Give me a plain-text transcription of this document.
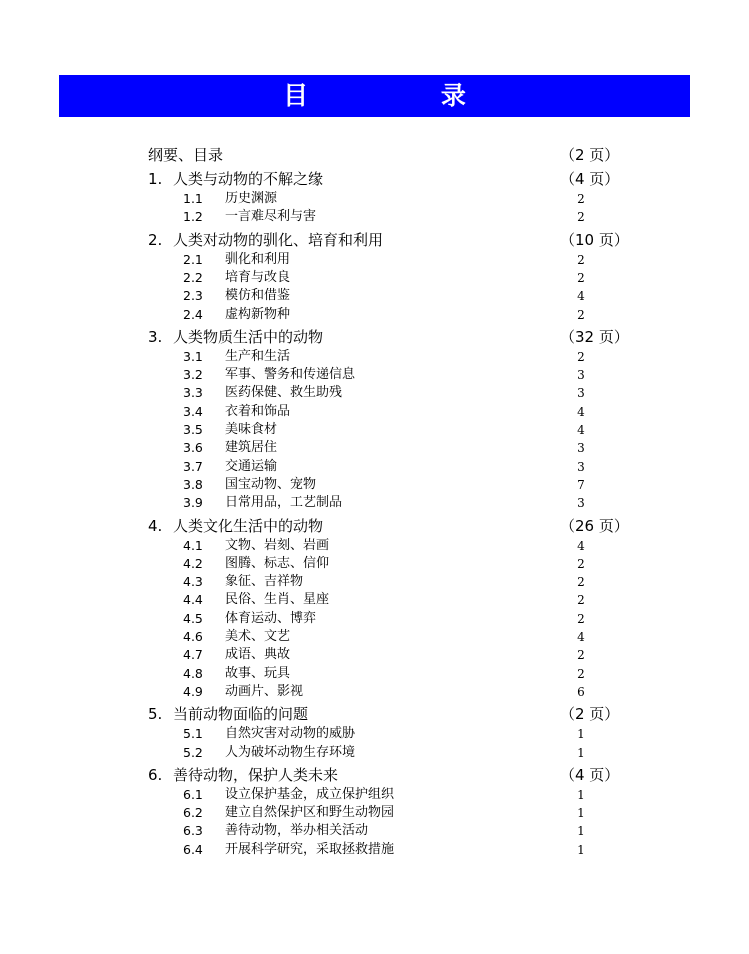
目 录
纲要、目录	（2 页）
1. 人类与动物的不解之缘	（4 页）
1.1 历史渊源	2
1.2 一言难尽利与害	2
2. 人类对动物的驯化、培育和利用	（10 页）
2.1 驯化和利用	2
2.2 培育与改良	2
2.3 模仿和借鉴	4
2.4 虚构新物种	2
3. 人类物质生活中的动物	（32 页）
3.1 生产和生活	2
3.2 军事、警务和传递信息	3
3.3 医药保健、救生助残	3
3.4 衣着和饰品	4
3.5 美味食材	4
3.6 建筑居住	3
3.7 交通运输	3
3.8 国宝动物、宠物	7
3.9 日常用品，工艺制品	3
4. 人类文化生活中的动物	（26 页）
4.1 文物、岩刻、岩画	4
4.2 图腾、标志、信仰	2
4.3 象征、吉祥物	2
4.4 民俗、生肖、星座	2
4.5 体育运动、博弈	2
4.6 美术、文艺	4
4.7 成语、典故	2
4.8 故事、玩具	2
4.9 动画片、影视	6
5. 当前动物面临的问题	（2 页）
5.1 自然灾害对动物的威胁	1
5.2 人为破坏动物生存环境	1
6. 善待动物，保护人类未来	（4 页）
6.1 设立保护基金，成立保护组织	1
6.2 建立自然保护区和野生动物园	1
6.3 善待动物，举办相关活动	1
6.4 开展科学研究，采取拯救措施	1
